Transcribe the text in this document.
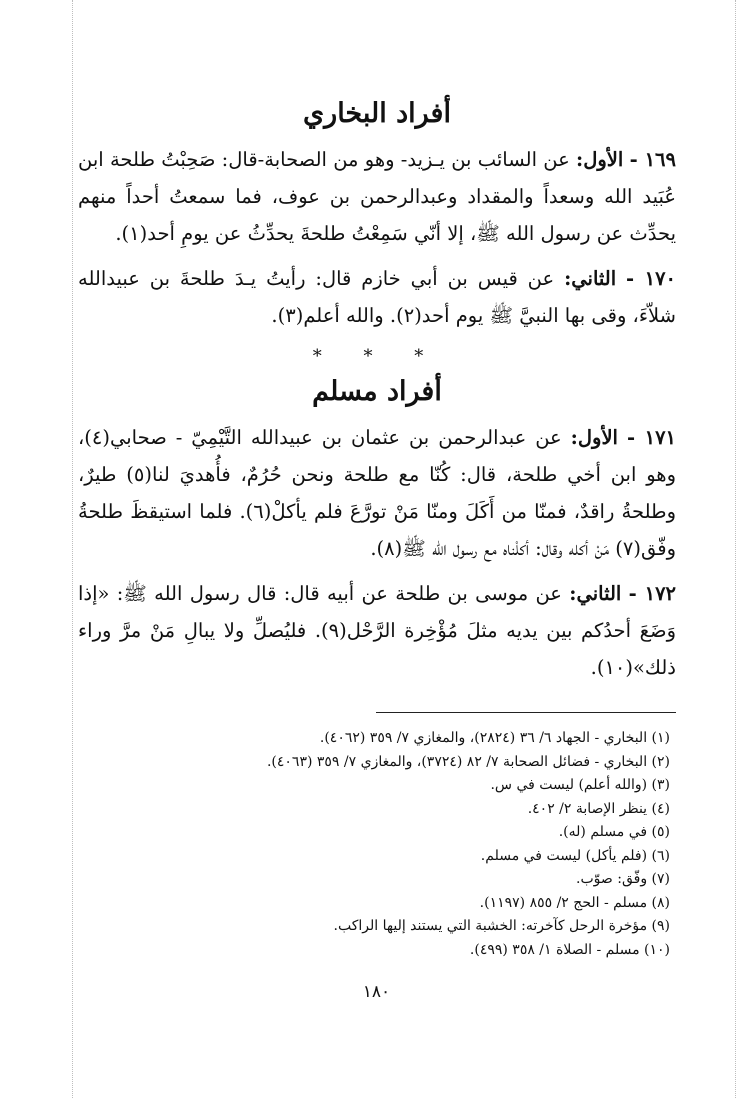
أفراد البخاري

١٦٩ - الأول: عن السائب بن يـزيد- وهو من الصحابة-قال: صَحِبْتُ طلحة ابن عُبَيد الله وسعداً والمقداد وعبدالرحمن بن عوف، فما سمعتُ أحداً منهم يحدِّث عن رسول الله ﷺ، إلا أنّي سَمِعْتُ طلحةَ يحدِّثُ عن يومِ أحد(١).

١٧٠ - الثاني: عن قيس بن أبي خازم قال: رأيتُ يـدَ طلحةَ بن عبيدالله شلاّءَ، وقى بها النبيَّ ﷺ يوم أحد(٢). والله أعلم(٣).

* * *
أفراد مسلم

١٧١ - الأول: عن عبدالرحمن بن عثمان بن عبيدالله التَّيْمِيّ - صحابي(٤)، وهو ابن أخي طلحة، قال: كُنّا مع طلحة ونحن حُرُمٌ، فأُهديَ لنا(٥) طيرٌ، وطلحةُ راقدٌ، فمنّا من أَكَلَ ومنّا مَنْ تورَّعَ فلم يأكلْ(٦). فلما استيقظَ طلحةُ وفّق(٧) مَنْ أكله وقال: أكلْناه مع رسول الله ﷺ(٨).

١٧٢ - الثاني: عن موسى بن طلحة عن أبيه قال: قال رسول الله ﷺ: «إذا وَضَعَ أحدُكم بين يديه مثلَ مُؤْخِرة الرَّحْل(٩). فليُصلِّ ولا يبالِ مَنْ مرَّ وراء ذلك»(١٠).

(١) البخاري - الجهاد ٦/ ٣٦ (٢٨٢٤)، والمغازي ٧/ ٣٥٩ (٤٠٦٢).
(٢) البخاري - فضائل الصحابة ٧/ ٨٢ (٣٧٢٤)، والمغازي ٧/ ٣٥٩ (٤٠٦٣).
(٣) (والله أعلم) ليست في س.
(٤) ينظر الإصابة ٢/ ٤٠٢.
(٥) في مسلم (له).
(٦) (فلم يأكل) ليست في مسلم.
(٧) وفّق: صوّب.
(٨) مسلم - الحج ٢/ ٨٥٥ (١١٩٧).
(٩) مؤخرة الرحل كآخرته: الخشبة التي يستند إليها الراكب.
(١٠) مسلم - الصلاة ١/ ٣٥٨ (٤٩٩).
١٨٠
